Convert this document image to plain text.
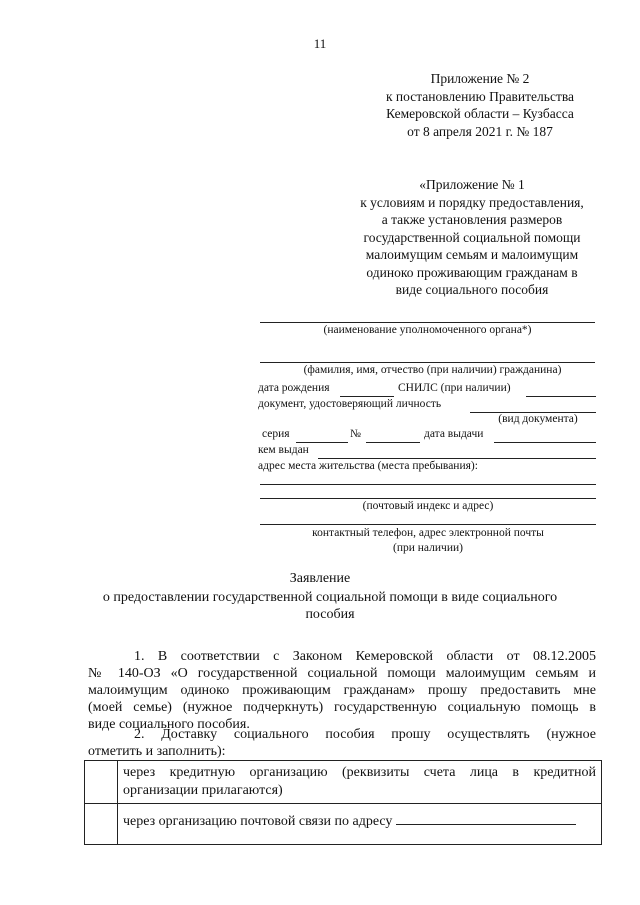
11
Приложение № 2
к постановлению Правительства
Кемеровской области – Кузбасса
от 8 апреля 2021 г. № 187
«Приложение № 1
к условиям и порядку предоставления,
а также установления размеров
государственной социальной помощи
малоимущим семьям и малоимущим
одиноко проживающим гражданам в
виде социального пособия
(наименование уполномоченного органа*)
(фамилия, имя, отчество (при наличии) гражданина)
дата рождения	СНИЛС (при наличии)
документ, удостоверяющий личность
(вид документа)
серия	№	дата выдачи
кем выдан
адрес места жительства (места пребывания):
(почтовый индекс и адрес)
контактный телефон, адрес электронной почты
(при наличии)
Заявление
о предоставлении государственной социальной помощи в виде социального
пособия
1. В соответствии с Законом Кемеровской области от 08.12.2005
№ 140-ОЗ «О государственной социальной помощи малоимущим семьям и
малоимущим одиноко проживающим гражданам» прошу предоставить мне
(моей семье) (нужное подчеркнуть) государственную социальную помощь в
виде социального пособия.
2. Доставку социального пособия прошу осуществлять (нужное
отметить и заполнить):
	через кредитную организацию (реквизиты счета лица в кредитной организации прилагаются)
	через организацию почтовой связи по адресу
